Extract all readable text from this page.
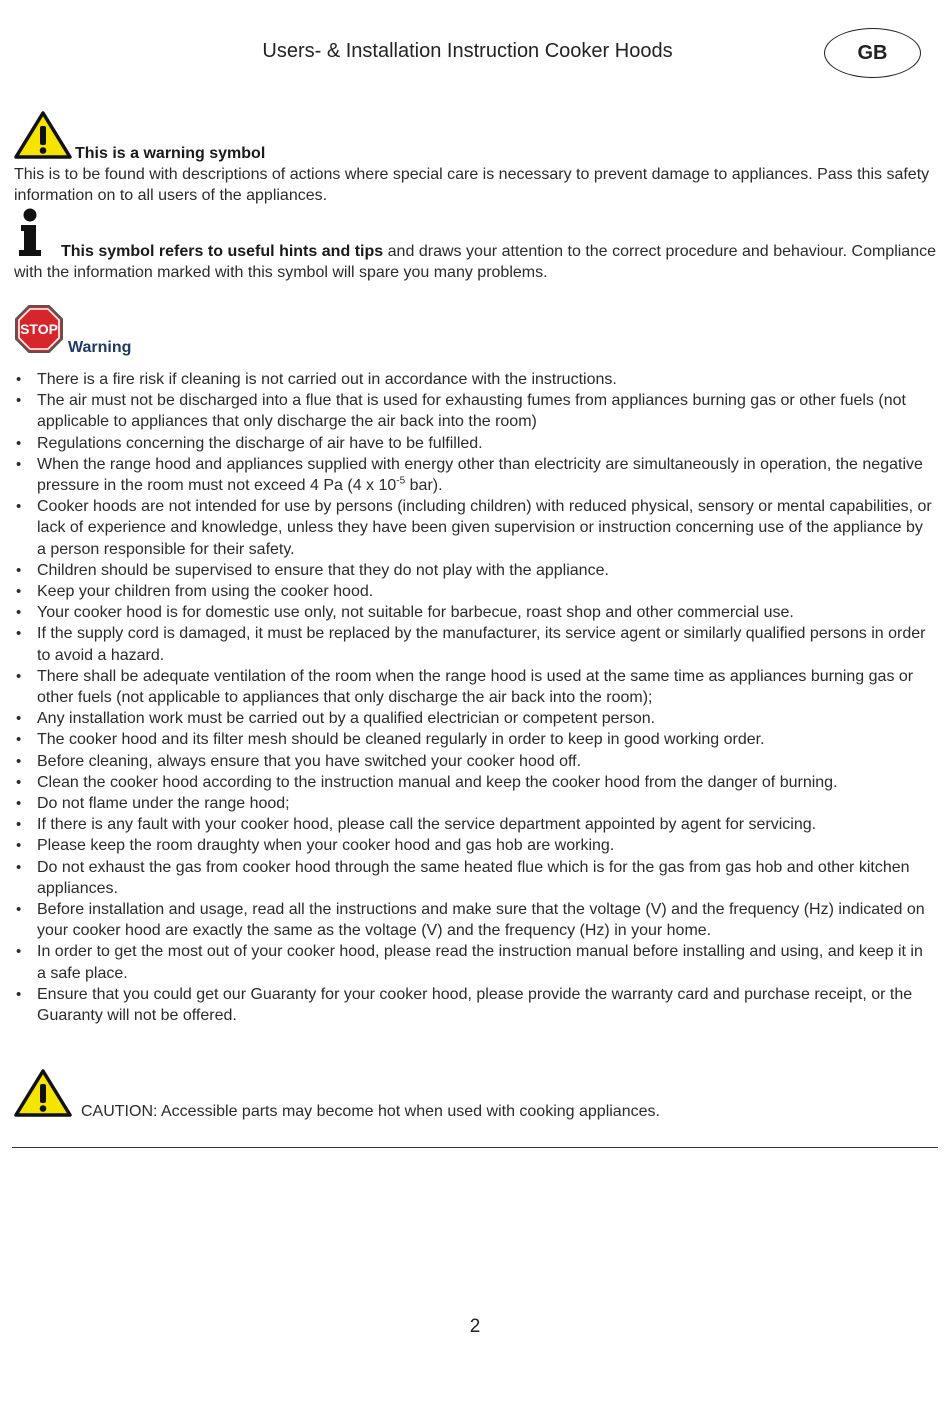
Users- & Installation Instruction Cooker Hoods	GB
This is a warning symbol
This is to be found with descriptions of actions where special care is necessary to prevent damage to appliances. Pass this safety information on to all users of the appliances.
This symbol refers to useful hints and tips and draws your attention to the correct procedure and behaviour. Compliance with the information marked with this symbol will spare you many problems.
STOP
Warning
• There is a fire risk if cleaning is not carried out in accordance with the instructions.
• The air must not be discharged into a flue that is used for exhausting fumes from appliances burning gas or other fuels (not applicable to appliances that only discharge the air back into the room)
• Regulations concerning the discharge of air have to be fulfilled.
• When the range hood and appliances supplied with energy other than electricity are simultaneously in operation, the negative pressure in the room must not exceed 4 Pa (4 x $10^{-5}$ bar).
• Cooker hoods are not intended for use by persons (including children) with reduced physical, sensory or mental capabilities, or lack of experience and knowledge, unless they have been given supervision or instruction concerning use of the appliance by a person responsible for their safety.
• Children should be supervised to ensure that they do not play with the appliance.
• Keep your children from using the cooker hood.
• Your cooker hood is for domestic use only, not suitable for barbecue, roast shop and other commercial use.
• If the supply cord is damaged, it must be replaced by the manufacturer, its service agent or similarly qualified persons in order to avoid a hazard.
• There shall be adequate ventilation of the room when the range hood is used at the same time as appliances burning gas or other fuels (not applicable to appliances that only discharge the air back into the room);
• Any installation work must be carried out by a qualified electrician or competent person.
• The cooker hood and its filter mesh should be cleaned regularly in order to keep in good working order.
• Before cleaning, always ensure that you have switched your cooker hood off.
• Clean the cooker hood according to the instruction manual and keep the cooker hood from the danger of burning.
• Do not flame under the range hood;
• If there is any fault with your cooker hood, please call the service department appointed by agent for servicing.
• Please keep the room draughty when your cooker hood and gas hob are working.
• Do not exhaust the gas from cooker hood through the same heated flue which is for the gas from gas hob and other kitchen appliances.
• Before installation and usage, read all the instructions and make sure that the voltage (V) and the frequency (Hz) indicated on your cooker hood are exactly the same as the voltage (V) and the frequency (Hz) in your home.
• In order to get the most out of your cooker hood, please read the instruction manual before installing and using, and keep it in a safe place.
• Ensure that you could get our Guaranty for your cooker hood, please provide the warranty card and purchase receipt, or the Guaranty will not be offered.
CAUTION: Accessible parts may become hot when used with cooking appliances.
2
